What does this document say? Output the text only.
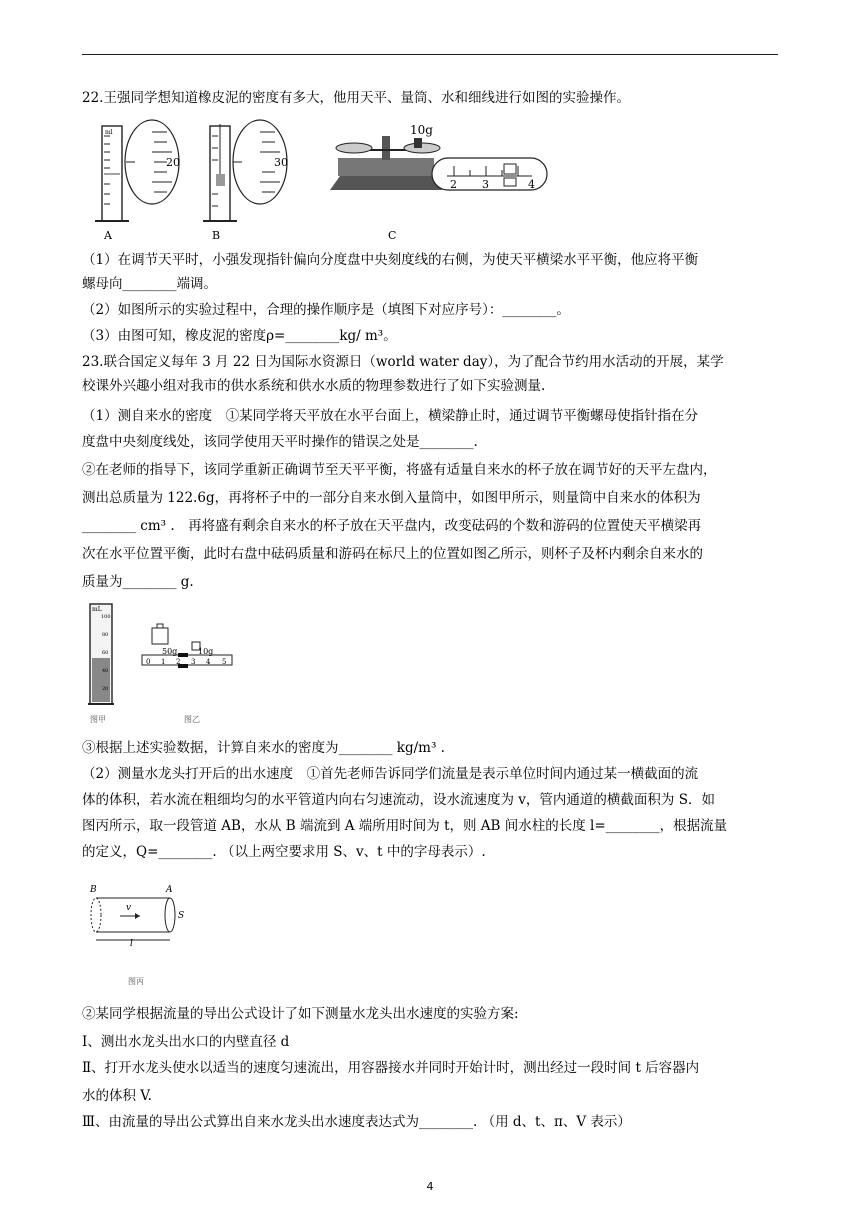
22.王强同学想知道橡皮泥的密度有多大，他用天平、量筒、水和细线进行如图的实验操作。
ml
20
A
30
B
10g
2 3	4
C
（1）在调节天平时，小强发现指针偏向分度盘中央刻度线的右侧，为使天平横梁水平平衡，他应将平衡
螺母向________端调。
（2）如图所示的实验过程中，合理的操作顺序是（填图下对应序号）：________。
（3）由图可知，橡皮泥的密度ρ=________kg/ m³。
23.联合国定义每年 3 月 22 日为国际水资源日（world water day），为了配合节约用水活动的开展，某学
校课外兴趣小组对我市的供水系统和供水水质的物理参数进行了如下实验测量.
（1）测自来水的密度　①某同学将天平放在水平台面上，横梁静止时，通过调节平衡螺母使指针指在分
度盘中央刻度线处，该同学使用天平时操作的错误之处是________.
②在老师的指导下，该同学重新正确调节至天平平衡，将盛有适量自来水的杯子放在调节好的天平左盘内，
测出总质量为 122.6g，再将杯子中的一部分自来水倒入量筒中，如图甲所示，则量筒中自来水的体积为
________ cm³ .　再将盛有剩余自来水的杯子放在天平盘内，改变砝码的个数和游码的位置使天平横梁再
次在水平位置平衡，此时右盘中砝码质量和游码在标尺上的位置如图乙所示，则杯子及杯内剩余自来水的
质量为________ g.
mL
100
80
60
40
20
图甲
50g	10g
0 1 2 3 4 5
图乙
③根据上述实验数据，计算自来水的密度为________ kg/m³ .
（2）测量水龙头打开后的出水速度　①首先老师告诉同学们流量是表示单位时间内通过某一横截面的流
体的体积，若水流在粗细均匀的水平管道内向右匀速流动，设水流速度为 v，管内通道的横截面积为 S．如
图丙所示，取一段管道 AB，水从 B 端流到 A 端所用时间为 t，则 AB 间水柱的长度 l=________，根据流量
的定义，Q=________. （以上两空要求用 S、v、t 中的字母表示）.
B	A
v
S
l
图丙
②某同学根据流量的导出公式设计了如下测量水龙头出水速度的实验方案:
Ⅰ、测出水龙头出水口的内壁直径 d
Ⅱ、打开水龙头使水以适当的速度匀速流出，用容器接水并同时开始计时，测出经过一段时间 t 后容器内
水的体积 V.
Ⅲ、由流量的导出公式算出自来水龙头出水速度表达式为________. （用 d、t、π、V 表示）
4
